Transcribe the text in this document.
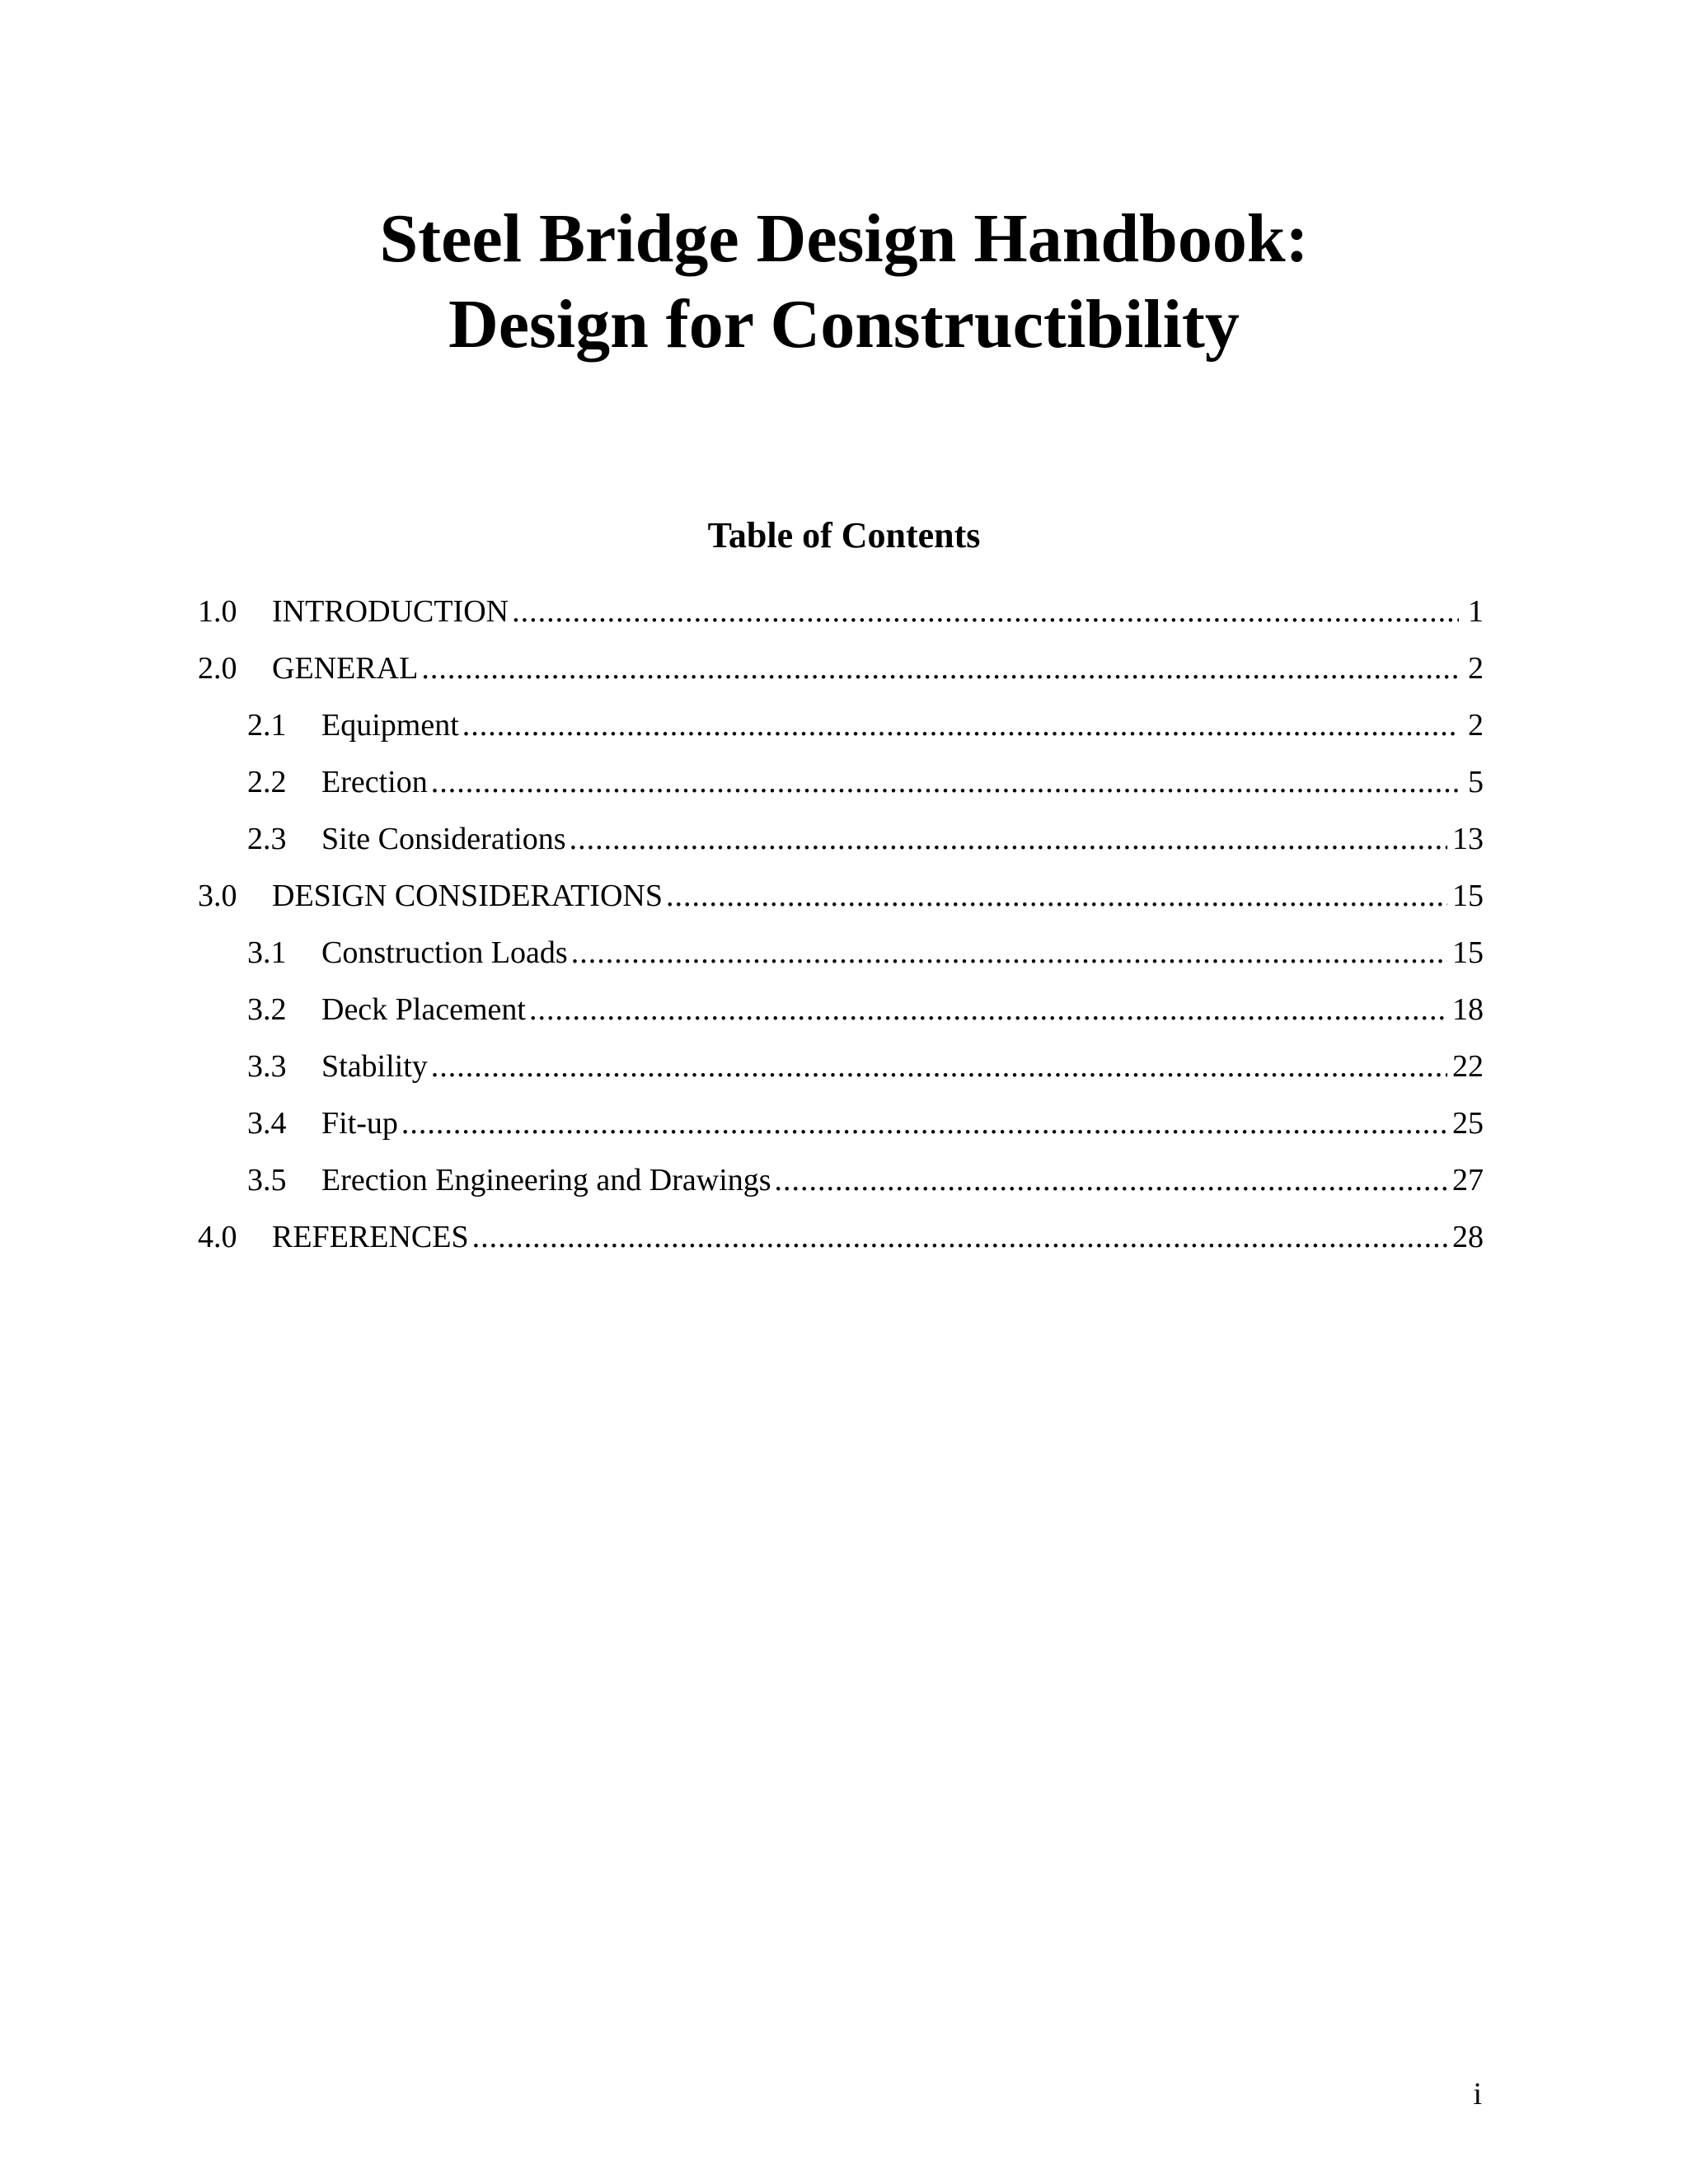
Steel Bridge Design Handbook:
Design for Constructibility
Table of Contents
1.0	INTRODUCTION .....	1
2.0	GENERAL .....	2
2.1	Equipment .....	2
2.2	Erection .....	5
2.3	Site Considerations .....	13
3.0	DESIGN CONSIDERATIONS .....	15
3.1	Construction Loads .....	15
3.2	Deck Placement .....	18
3.3	Stability .....	22
3.4	Fit-up .....	25
3.5	Erection Engineering and Drawings .....	27
4.0	REFERENCES .....	28
i
